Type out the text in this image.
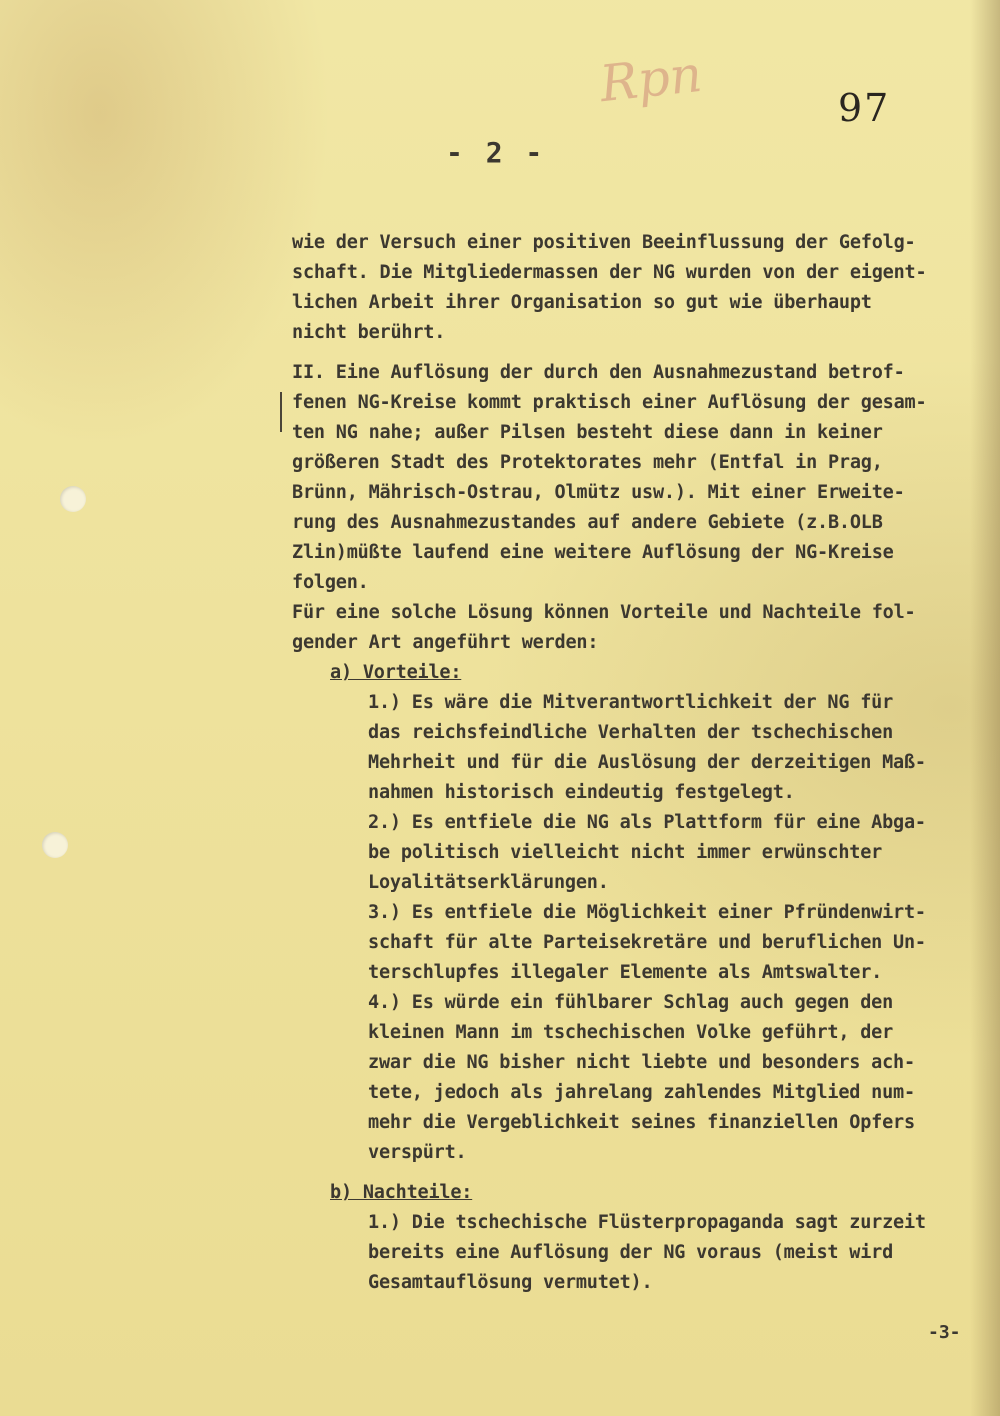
Rpn	97
- 2 -
wie der Versuch einer positiven Beeinflussung der Gefolg-
schaft. Die Mitgliedermassen der NG wurden von der eigent-
lichen Arbeit ihrer Organisation so gut wie überhaupt
nicht berührt.
II. Eine Auflösung der durch den Ausnahmezustand betrof-
fenen NG-Kreise kommt praktisch einer Auflösung der gesam-
ten NG nahe; außer Pilsen besteht diese dann in keiner
größeren Stadt des Protektorates mehr (Entfal in Prag,
Brünn, Mährisch-Ostrau, Olmütz usw.). Mit einer Erweite-
rung des Ausnahmezustandes auf andere Gebiete (z.B.OLB
Zlin)müßte laufend eine weitere Auflösung der NG-Kreise
folgen.
Für eine solche Lösung können Vorteile und Nachteile fol-
gender Art angeführt werden:
a) Vorteile:
1.) Es wäre die Mitverantwortlichkeit der NG für
das reichsfeindliche Verhalten der tschechischen
Mehrheit und für die Auslösung der derzeitigen Maß-
nahmen historisch eindeutig festgelegt.
2.) Es entfiele die NG als Plattform für eine Abga-
be politisch vielleicht nicht immer erwünschter
Loyalitätserklärungen.
3.) Es entfiele die Möglichkeit einer Pfründenwirt-
schaft für alte Parteisekretäre und beruflichen Un-
terschlupfes illegaler Elemente als Amtswalter.
4.) Es würde ein fühlbarer Schlag auch gegen den
kleinen Mann im tschechischen Volke geführt, der
zwar die NG bisher nicht liebte und besonders ach-
tete, jedoch als jahrelang zahlendes Mitglied num-
mehr die Vergeblichkeit seines finanziellen Opfers
verspürt.
b) Nachteile:
1.) Die tschechische Flüsterpropaganda sagt zurzeit
bereits eine Auflösung der NG voraus (meist wird
Gesamtauflösung vermutet).
-3-
